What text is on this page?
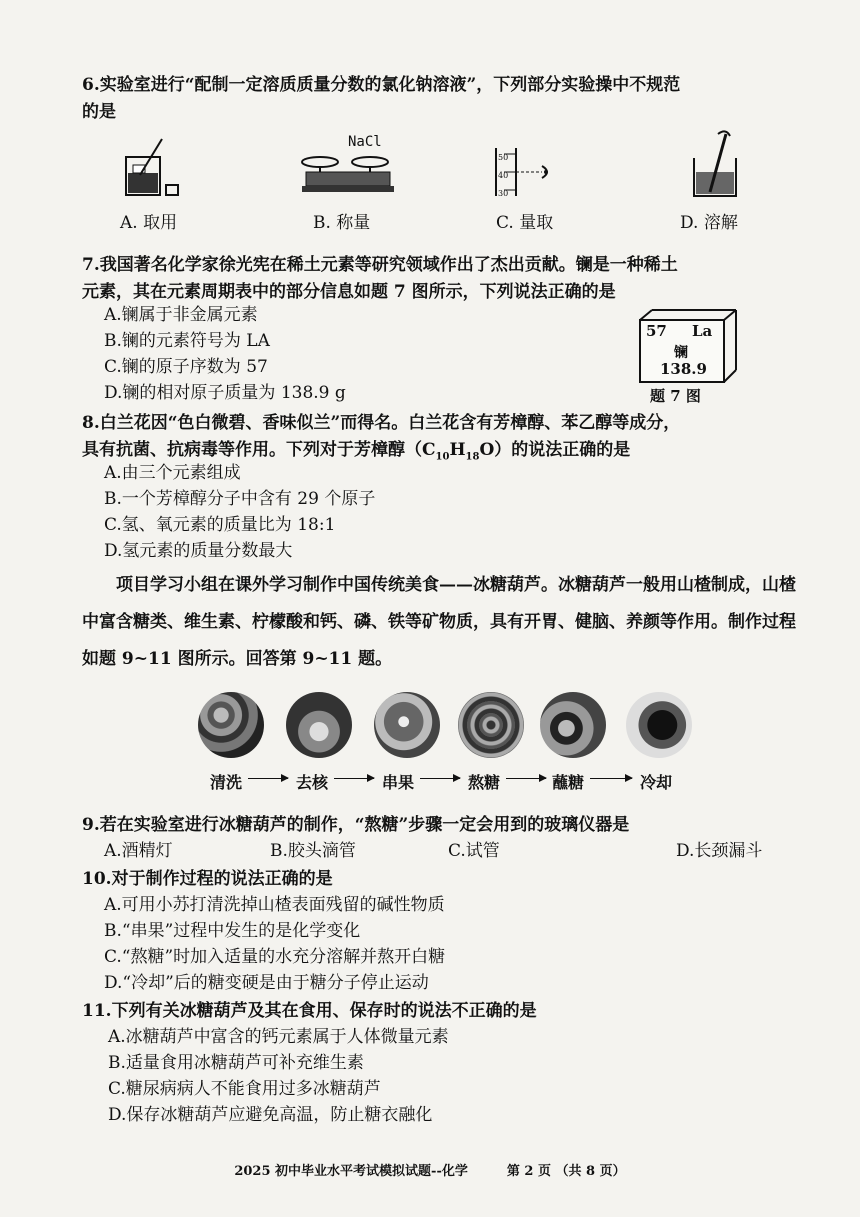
6.实验室进行“配制一定溶质质量分数的氯化钠溶液”，下列部分实验操中不规范
的是
NaCl
50
40
30
A. 取用	B. 称量	C. 量取	D. 溶解
7.我国著名化学家徐光宪在稀土元素等研究领域作出了杰出贡献。镧是一种稀土
元素，其在元素周期表中的部分信息如题 7 图所示，下列说法正确的是
A.镧属于非金属元素
B.镧的元素符号为 LA
C.镧的原子序数为 57
D.镧的相对原子质量为 138.9 g
57 La
镧
138.9
题 7 图
8.白兰花因“色白微碧、香味似兰”而得名。白兰花含有芳樟醇、苯乙醇等成分，
具有抗菌、抗病毒等作用。下列对于芳樟醇$(C_{10}H_{18}O)$的说法正确的是
A.由三个元素组成
B.一个芳樟醇分子中含有 29 个原子
C.氢、氧元素的质量比为 18:1
D.氢元素的质量分数最大
项目学习小组在课外学习制作中国传统美食——冰糖葫芦。冰糖葫芦一般用山楂制成，山楂中富含糖类、维生素、柠檬酸和钙、磷、铁等矿物质，具有开胃、健脑、养颜等作用。制作过程如题 9~11 图所示。回答第 9~11 题。
清洗	去核	串果	熬糖	蘸糖	冷却
9.若在实验室进行冰糖葫芦的制作，“熬糖”步骤一定会用到的玻璃仪器是
A.酒精灯	B.胶头滴管	C.试管	D.长颈漏斗
10.对于制作过程的说法正确的是
A.可用小苏打清洗掉山楂表面残留的碱性物质
B.“串果”过程中发生的是化学变化
C.“熬糖”时加入适量的水充分溶解并熬开白糖
D.“冷却”后的糖变硬是由于糖分子停止运动
11.下列有关冰糖葫芦及其在食用、保存时的说法不正确的是
A.冰糖葫芦中富含的钙元素属于人体微量元素
B.适量食用冰糖葫芦可补充维生素
C.糖尿病病人不能食用过多冰糖葫芦
D.保存冰糖葫芦应避免高温，防止糖衣融化
2025 初中毕业水平考试模拟试题--化学	第 2 页 （共 8 页）
